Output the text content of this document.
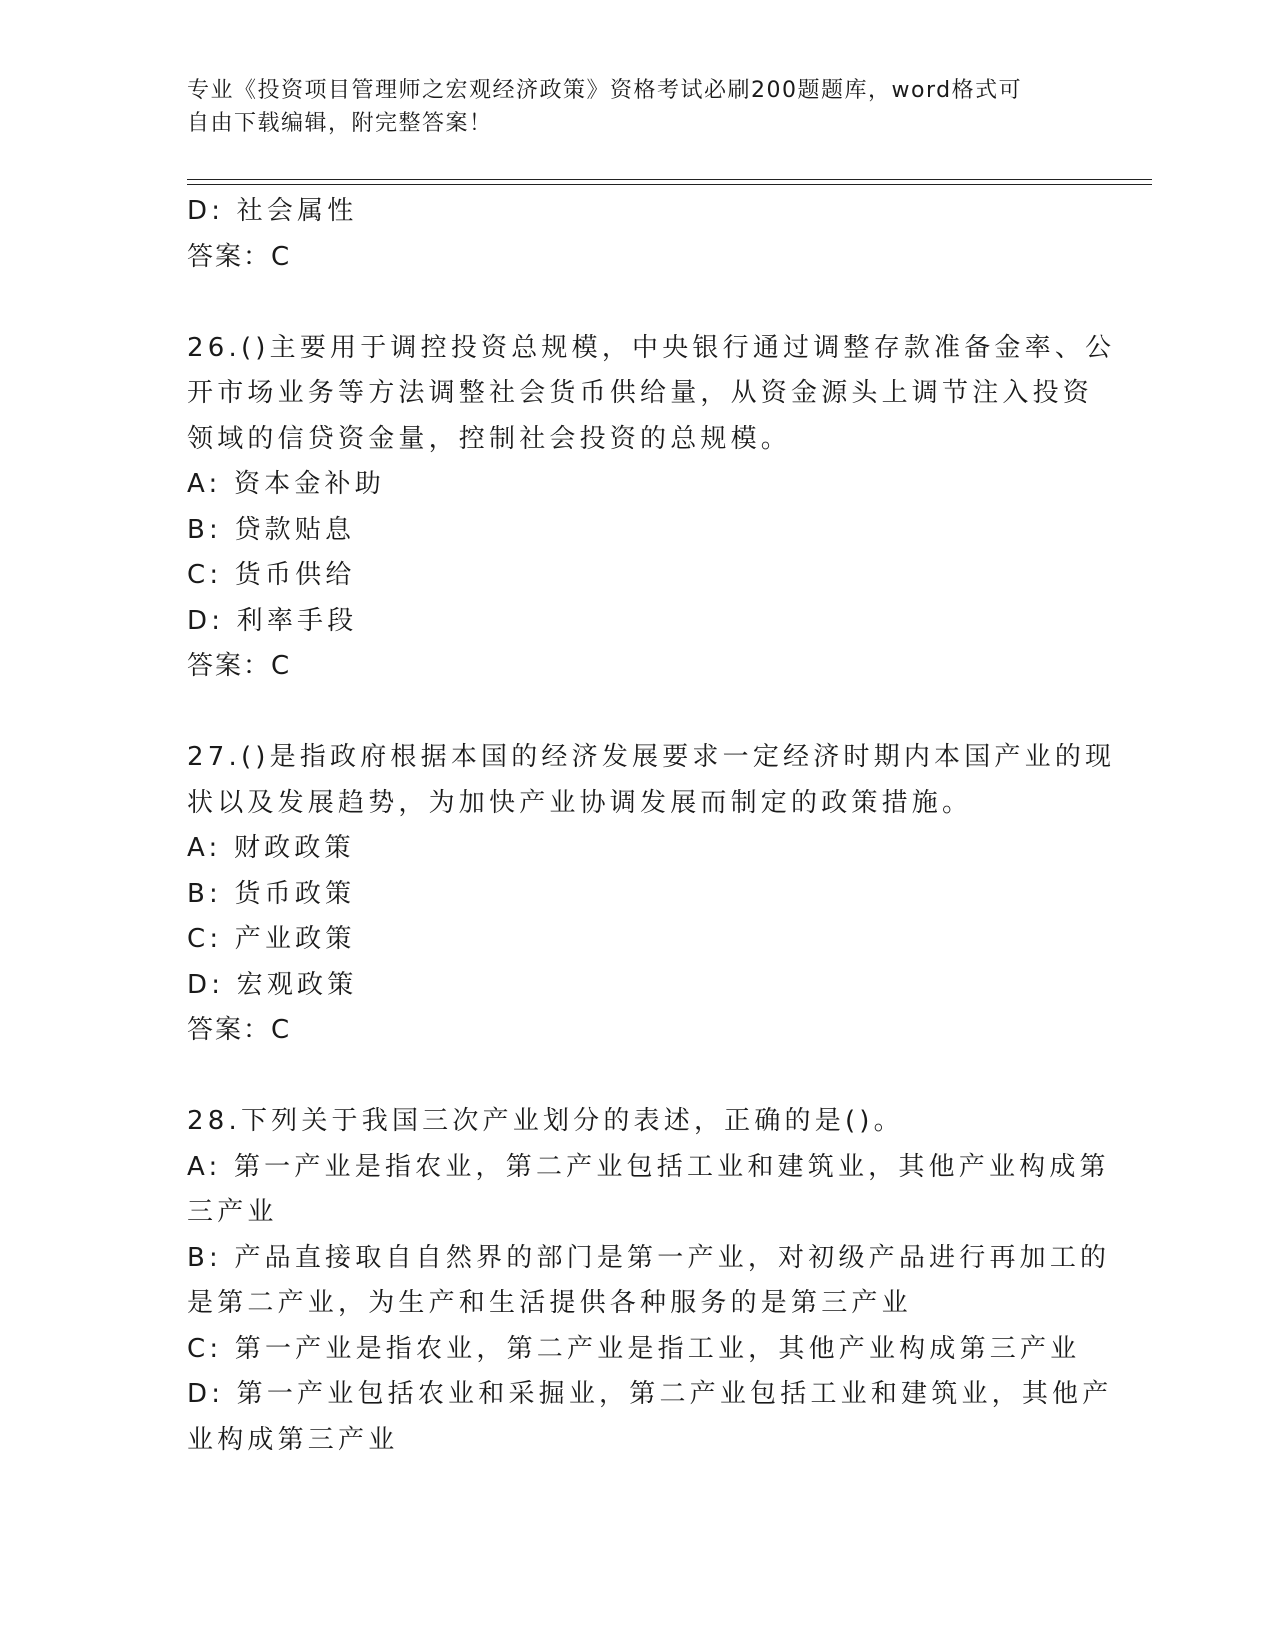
专业《投资项目管理师之宏观经济政策》资格考试必刷200题题库，word格式可
自由下载编辑，附完整答案！
D: 社会属性
答案：C
26.()主要用于调控投资总规模，中央银行通过调整存款准备金率、公
开市场业务等方法调整社会货币供给量，从资金源头上调节注入投资
领域的信贷资金量，控制社会投资的总规模。
A: 资本金补助
B: 贷款贴息
C: 货币供给
D: 利率手段
答案：C
27.()是指政府根据本国的经济发展要求一定经济时期内本国产业的现
状以及发展趋势，为加快产业协调发展而制定的政策措施。
A: 财政政策
B: 货币政策
C: 产业政策
D: 宏观政策
答案：C
28.下列关于我国三次产业划分的表述，正确的是()。
A: 第一产业是指农业，第二产业包括工业和建筑业，其他产业构成第
三产业
B: 产品直接取自自然界的部门是第一产业，对初级产品进行再加工的
是第二产业，为生产和生活提供各种服务的是第三产业
C: 第一产业是指农业，第二产业是指工业，其他产业构成第三产业
D: 第一产业包括农业和采掘业，第二产业包括工业和建筑业，其他产
业构成第三产业
